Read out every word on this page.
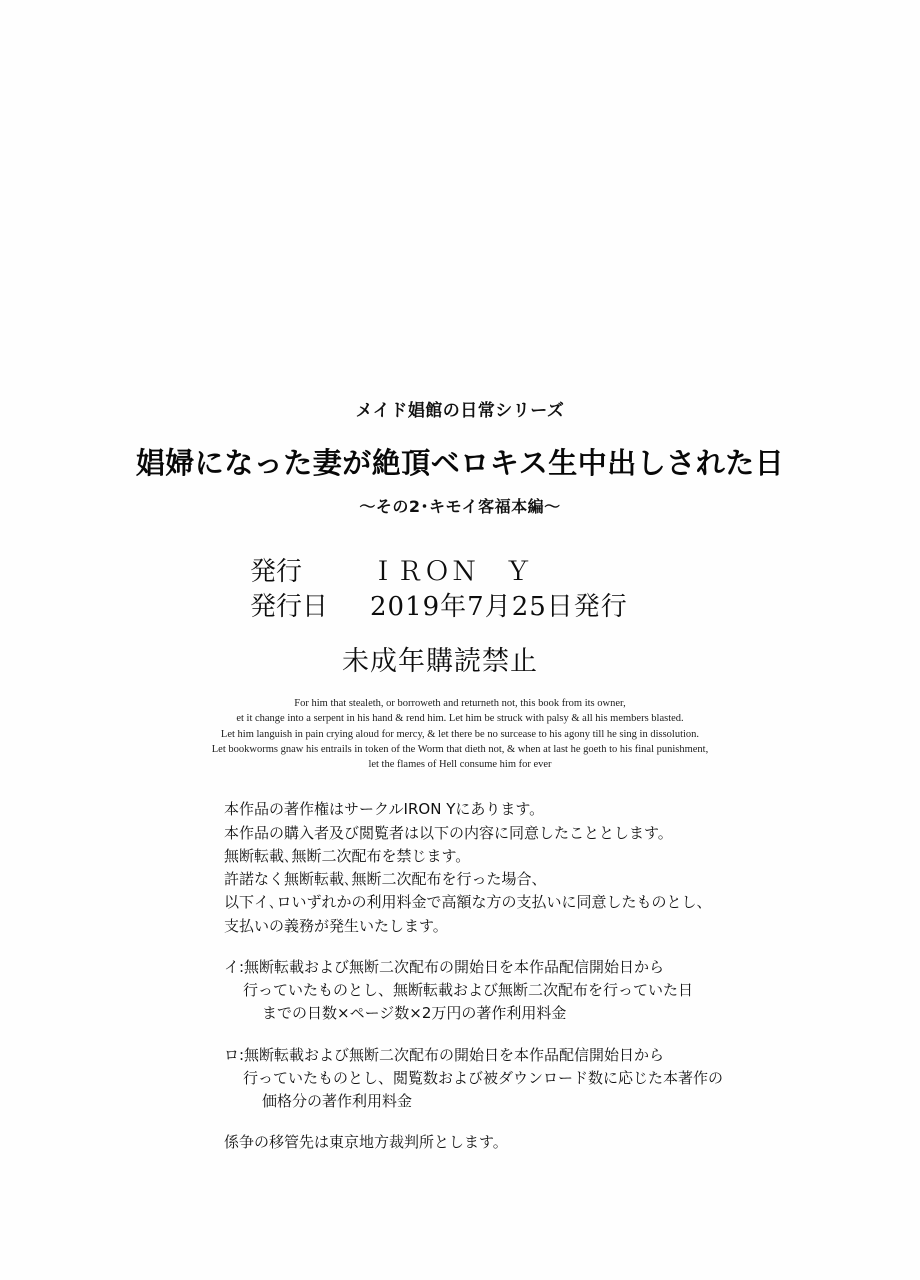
メイド娼館の日常シリーズ
娼婦になった妻が絶頂ベロキス生中出しされた日
〜その2･キモイ客福本編〜
発行	ＩＲＯＮ　Ｙ
発行日	2019年7月25日発行
未成年購読禁止
For him that stealeth, or borroweth and returneth not, this book from its owner,
et it change into a serpent in his hand & rend him. Let him be struck with palsy & all his members blasted.
Let him languish in pain crying aloud for mercy, & let there be no surcease to his agony till he sing in dissolution.
Let bookworms gnaw his entrails in token of the Worm that dieth not, & when at last he goeth to his final punishment,
let the flames of Hell consume him for ever

本作品の著作権はサークルIRON Yにあります。

本作品の購入者及び閲覧者は以下の内容に同意したこととします。

無断転載､無断二次配布を禁じます。

許諾なく無断転載､無断二次配布を行った場合、

以下イ､ロいずれかの利用料金で高額な方の支払いに同意したものとし、

支払いの義務が発生いたします。

イ:無断転載および無断二次配布の開始日を本作品配信開始日から

行っていたものとし、無断転載および無断二次配布を行っていた日

までの日数×ページ数×2万円の著作利用料金

ロ:無断転載および無断二次配布の開始日を本作品配信開始日から

行っていたものとし、閲覧数および被ダウンロード数に応じた本著作の

価格分の著作利用料金

係争の移管先は東京地方裁判所とします。
